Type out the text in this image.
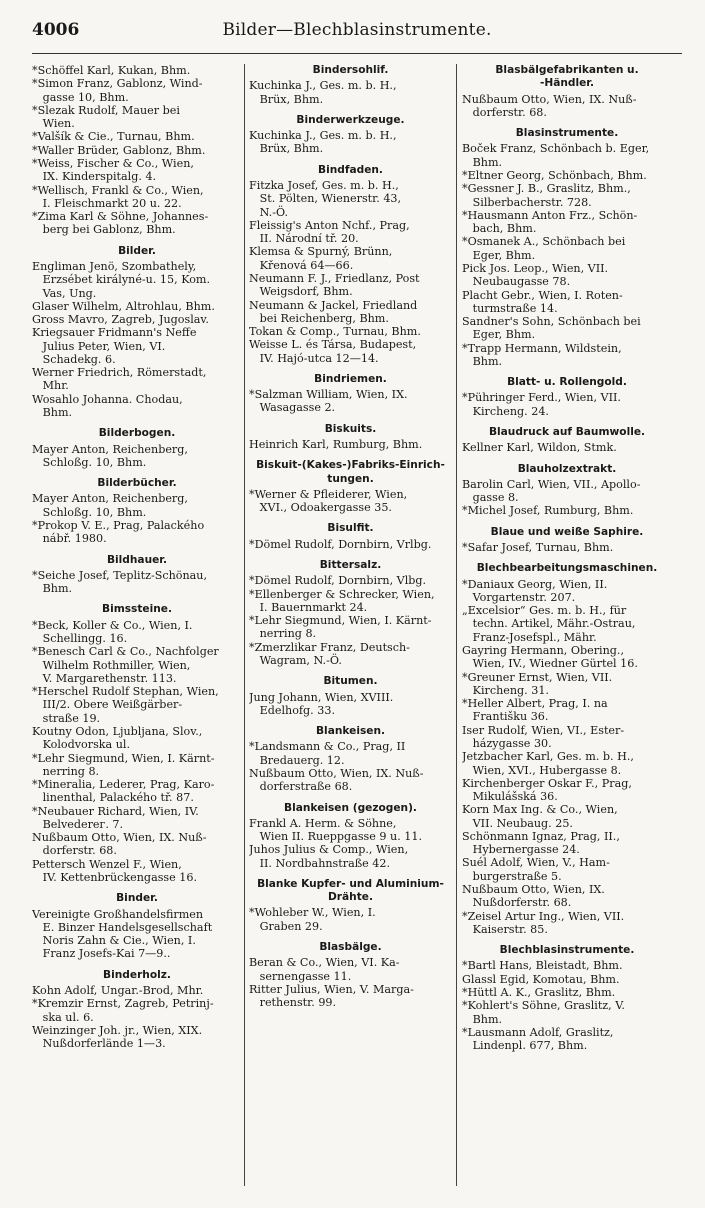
4006	Bilder—Blechblasinstrumente.
*Schöffel Karl, Kukan, Bhm.
*Simon Franz, Gablonz, Wind-
gasse 10, Bhm.
*Slezak Rudolf, Mauer bei
Wien.
*Valšík & Cie., Turnau, Bhm.
*Waller Brüder, Gablonz, Bhm.
*Weiss, Fischer & Co., Wien,
IX. Kinderspitalg. 4.
*Wellisch, Frankl & Co., Wien,
I. Fleischmarkt 20 u. 22.
*Zima Karl & Söhne, Johannes-
berg bei Gablonz, Bhm.
Bilder.
Engliman Jenö, Szombathely,
Erzsébet királyné-u. 15, Kom.
Vas, Ung.
Glaser Wilhelm, Altrohlau, Bhm.
Gross Mavro, Zagreb, Jugoslav.
Kriegsauer Fridmann's Neffe
Julius Peter, Wien, VI.
Schadekg. 6.
Werner Friedrich, Römerstadt,
Mhr.
Wosahlo Johanna. Chodau,
Bhm.
Bilderbogen.
Mayer Anton, Reichenberg,
Schloßg. 10, Bhm.
Bilderbücher.
Mayer Anton, Reichenberg,
Schloßg. 10, Bhm.
*Prokop V. E., Prag, Palackého
nábř. 1980.
Bildhauer.
*Seiche Josef, Teplitz-Schönau,
Bhm.
Bimssteine.
*Beck, Koller & Co., Wien, I.
Schellingg. 16.
*Benesch Carl & Co., Nachfolger
Wilhelm Rothmiller, Wien,
V. Margarethenstr. 113.
*Herschel Rudolf Stephan, Wien,
III/2. Obere Weißgärber-
straße 19.
Koutny Odon, Ljubljana, Slov.,
Kolodvorska ul.
*Lehr Siegmund, Wien, I. Kärnt-
nerring 8.
*Mineralia, Lederer, Prag, Karo-
linenthal, Palackého tř. 87.
*Neubauer Richard, Wien, IV.
Belvederег. 7.
Nußbaum Otto, Wien, IX. Nuß-
dorferstr. 68.
Pettersch Wenzel F., Wien,
IV. Kettenbrückengasse 16.
Binder.
Vereinigte Großhandelsfirmen
E. Binzer Handelsgesellschaft
Noris Zahn & Cie., Wien, I.
Franz Josefs-Kai 7—9..
Binderholz.
Kohn Adolf, Ungar.-Brod, Mhr.
*Kremzir Ernst, Zagreb, Petrinj-
ska ul. 6.
Weinzinger Joh. jr., Wien, XIX.
Nußdorferlände 1—3.
Bindersohlif.
Kuchinka J., Ges. m. b. H.,
Brüx, Bhm.
Binderwerkzeuge.
Kuchinka J., Ges. m. b. H.,
Brüx, Bhm.
Bindfaden.
Fitzka Josef, Ges. m. b. H.,
St. Pölten, Wienerstr. 43,
N.-Ö.
Fleissig's Anton Nchf., Prag,
II. Národní tř. 20.
Klemsa & Spurný, Brünn,
Křenová 64—66.
Neumann F. J., Friedlanz, Post
Weigsdorf, Bhm.
Neumann & Jackel, Friedland
bei Reichenberg, Bhm.
Tokan & Comp., Turnau, Bhm.
Weisse L. és Társa, Budapest,
IV. Hajó-utca 12—14.
Bindriemen.
*Salzman William, Wien, IX.
Wasagasse 2.
Biskuits.
Heinrich Karl, Rumburg, Bhm.
Biskuit-(Kakes-)Fabriks-Einrich-
tungen.
*Werner & Pfleiderer, Wien,
XVI., Odoakergasse 35.
Bisulfit.
*Dömel Rudolf, Dornbirn, Vrlbg.
Bittersalz.
*Dömel Rudolf, Dornbirn, Vlbg.
*Ellenberger & Schrecker, Wien,
I. Bauernmarkt 24.
*Lehr Siegmund, Wien, I. Kärnt-
nerring 8.
*Zmerzlikar Franz, Deutsch-
Wagram, N.-Ö.
Bitumen.
Jung Johann, Wien, XVIII.
Edelhofg. 33.
Blankeisen.
*Landsmann & Co., Prag, II
Bredauerg. 12.
Nußbaum Otto, Wien, IX. Nuß-
dorferstraße 68.
Blankeisen (gezogen).
Frankl A. Herm. & Söhne,
Wien II. Rueppgasse 9 u. 11.
Juhos Julius & Comp., Wien,
II. Nordbahnstraße 42.
Blanke Kupfer- und Aluminium-
Drähte.
*Wohleber W., Wien, I.
Graben 29.
Blasbälge.
Beran & Co., Wien, VI. Ka-
sernengasse 11.
Ritter Julius, Wien, V. Marga-
rethenstr. 99.
Blasbälgefabrikanten u.
-Händler.
Nußbaum Otto, Wien, IX. Nuß-
dorferstr. 68.
Blasinstrumente.
Boček Franz, Schönbach b. Eger,
Bhm.
*Eltner Georg, Schönbach, Bhm.
*Gessner J. B., Graslitz, Bhm.,
Silberbacherstr. 728.
*Hausmann Anton Frz., Schön-
bach, Bhm.
*Osmanek A., Schönbach bei
Eger, Bhm.
Pick Jos. Leop., Wien, VII.
Neubaugasse 78.
Placht Gebr., Wien, I. Roten-
turmstraße 14.
Sandner's Sohn, Schönbach bei
Eger, Bhm.
*Trapp Hermann, Wildstein,
Bhm.
Blatt- u. Rollengold.
*Pühringer Ferd., Wien, VII.
Kircheng. 24.
Blaudruck auf Baumwolle.
Kellner Karl, Wildon, Stmk.
Blauholzextrakt.
Barolin Carl, Wien, VII., Apollo-
gasse 8.
*Michel Josef, Rumburg, Bhm.
Blaue und weiße Saphire.
*Safar Josef, Turnau, Bhm.
Blechbearbeitungsmaschinen.
*Daniaux Georg, Wien, II.
Vorgartenstr. 207.
„Excelsior“ Ges. m. b. H., für
techn. Artikel, Mähr.-Ostrau,
Franz-Josefspl., Mähr.
Gayring Hermann, Obering.,
Wien, IV., Wiedner Gürtel 16.
*Greuner Ernst, Wien, VII.
Kircheng. 31.
*Heller Albert, Prag, I. na
Františku 36.
Iser Rudolf, Wien, VI., Ester-
házygasse 30.
Jetzbacher Karl, Ges. m. b. H.,
Wien, XVI., Hubergasse 8.
Kirchenberger Oskar F., Prag,
Mikulášská 36.
Korn Max Ing. & Co., Wien,
VII. Neubaug. 25.
Schönmann Ignaz, Prag, II.,
Hybernergasse 24.
Suél Adolf, Wien, V., Ham-
burgerstraße 5.
Nußbaum Otto, Wien, IX.
Nußdorferstr. 68.
*Zeisel Artur Ing., Wien, VII.
Kaiserstr. 85.
Blechblasinstrumente.
*Bartl Hans, Bleistadt, Bhm.
Glassl Egid, Komotau, Bhm.
*Hüttl A. K., Graslitz, Bhm.
*Kohlert's Söhne, Graslitz, V.
Bhm.
*Lausmann Adolf, Graslitz,
Lindenpl. 677, Bhm.
